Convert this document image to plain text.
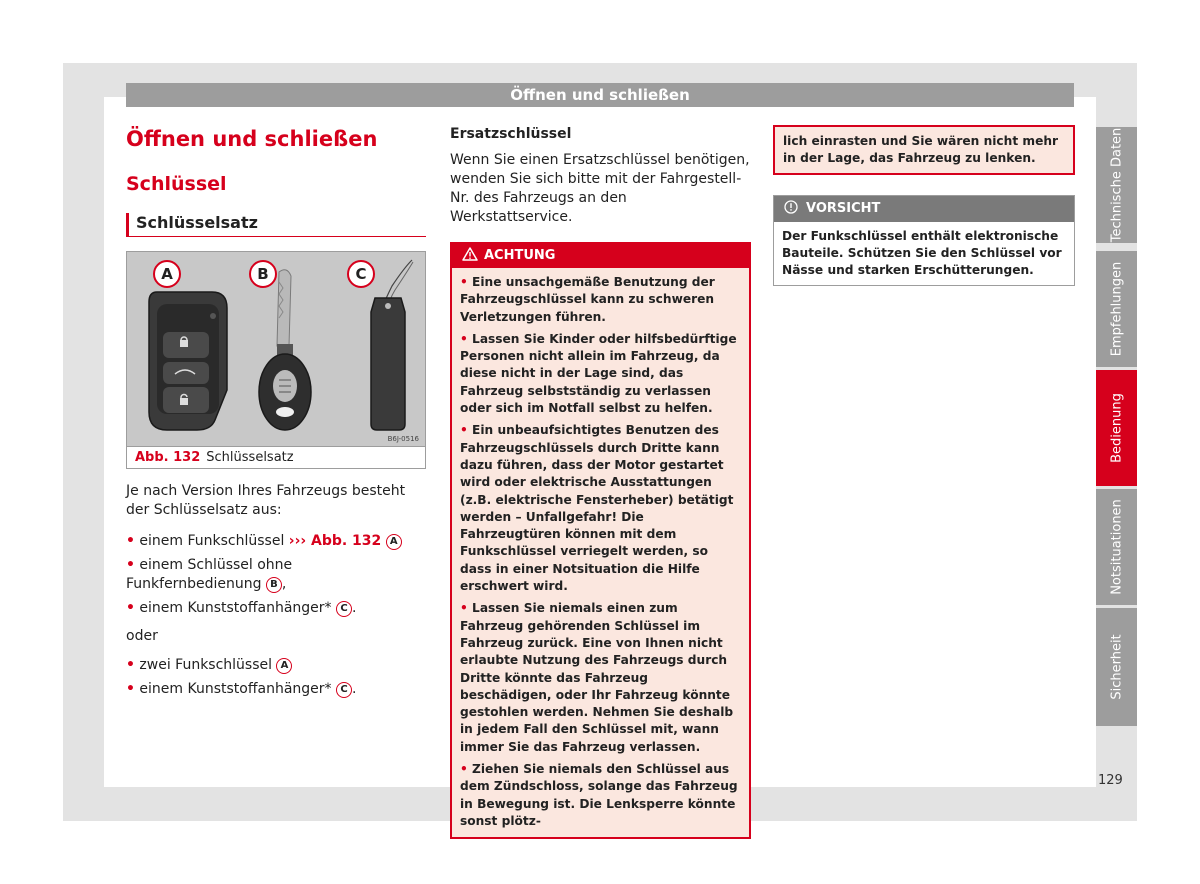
Öffnen und schließen
Technische Daten
Empfehlungen
Bedienung
Notsituationen
Sicherheit
129
Öffnen und schließen
Schlüssel
Schlüsselsatz
A	B	C
B6J-0516
Abb. 132 Schlüsselsatz
Je nach Version Ihres Fahrzeugs besteht der Schlüsselsatz aus:
• einem Funkschlüssel ››› Abb. 132 A
• einem Schlüssel ohne Funkfernbedienung B ,
• einem Kunststoffanhänger* C .
oder
• zwei Funkschlüssel A
• einem Kunststoffanhänger* C .
Ersatzschlüssel
Wenn Sie einen Ersatzschlüssel benötigen, wenden Sie sich bitte mit der Fahrgestell-Nr. des Fahrzeugs an den Werkstattservice.
ACHTUNG
• Eine unsachgemäße Benutzung der Fahrzeugschlüssel kann zu schweren Verletzungen führen.
• Lassen Sie Kinder oder hilfsbedürftige Personen nicht allein im Fahrzeug, da diese nicht in der Lage sind, das Fahrzeug selbstständig zu verlassen oder sich im Notfall selbst zu helfen.
• Ein unbeaufsichtigtes Benutzen des Fahrzeugschlüssels durch Dritte kann dazu führen, dass der Motor gestartet wird oder elektrische Ausstattungen (z.B. elektrische Fensterheber) betätigt werden – Unfallgefahr! Die Fahrzeugtüren können mit dem Funkschlüssel verriegelt werden, so dass in einer Notsituation die Hilfe erschwert wird.
• Lassen Sie niemals einen zum Fahrzeug gehörenden Schlüssel im Fahrzeug zurück. Eine von Ihnen nicht erlaubte Nutzung des Fahrzeugs durch Dritte könnte das Fahrzeug beschädigen, oder Ihr Fahrzeug könnte gestohlen werden. Nehmen Sie deshalb in jedem Fall den Schlüssel mit, wann immer Sie das Fahrzeug verlassen.
• Ziehen Sie niemals den Schlüssel aus dem Zündschloss, solange das Fahrzeug in Bewegung ist. Die Lenksperre könnte sonst plötz-
lich einrasten und Sie wären nicht mehr in der Lage, das Fahrzeug zu lenken.
VORSICHT
Der Funkschlüssel enthält elektronische Bauteile. Schützen Sie den Schlüssel vor Nässe und starken Erschütterungen.
